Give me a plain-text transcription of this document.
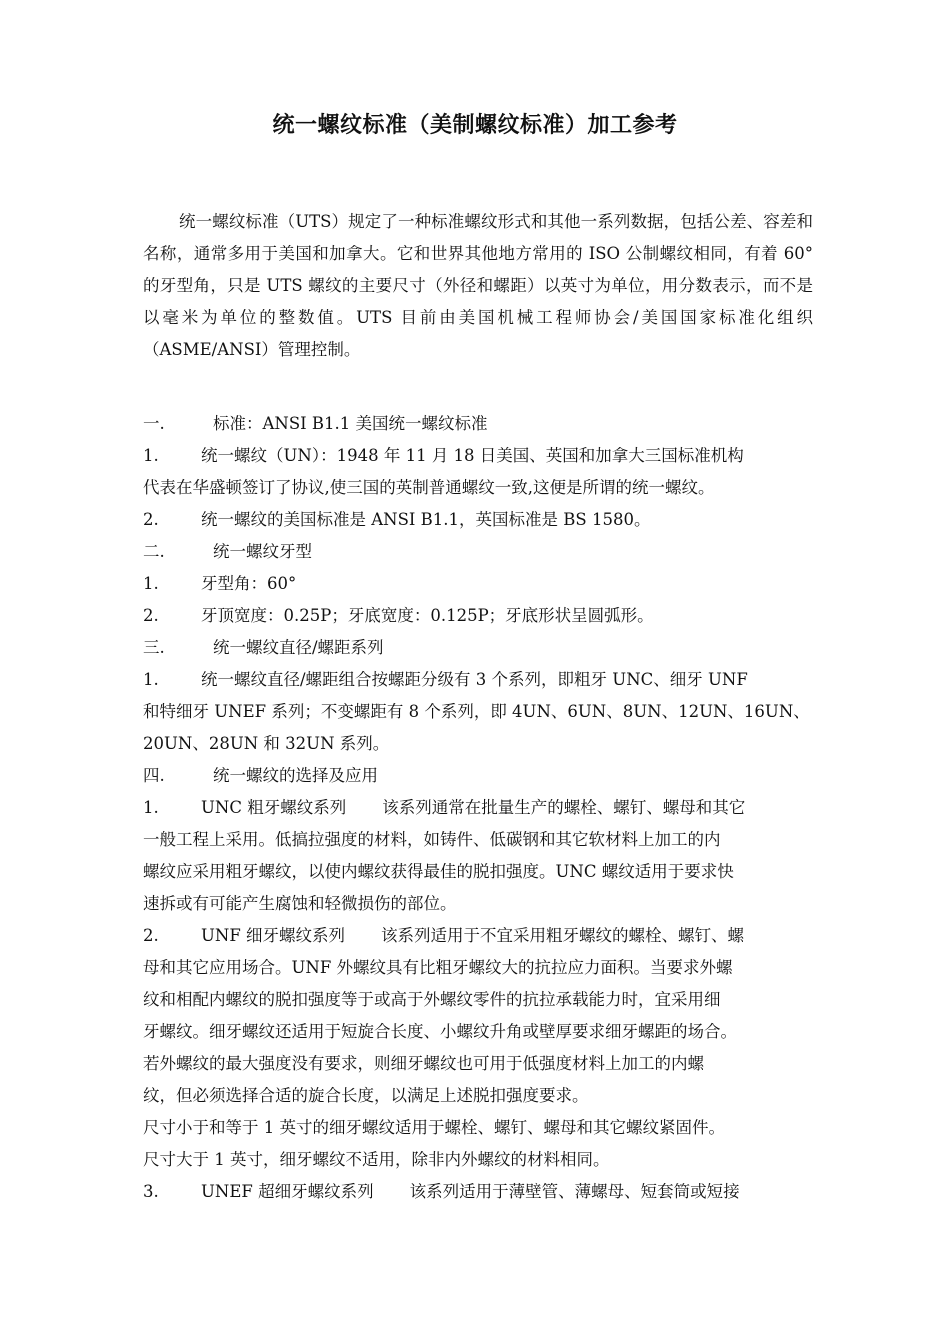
统一螺纹标准（美制螺纹标准）加工参考
统一螺纹标准（UTS）规定了一种标准螺纹形式和其他一系列数据，包括公差、容差和名称，通常多用于美国和加拿大。它和世界其他地方常用的 ISO 公制螺纹相同，有着 60° 的牙型角，只是 UTS 螺纹的主要尺寸（外径和螺距）以英寸为单位，用分数表示，而不是以毫米为单位的整数值。UTS 目前由美国机械工程师协会/美国国家标准化组织（ASME/ANSI）管理控制。
一.	标准：ANSI B1.1 美国统一螺纹标准
1.	统一螺纹（UN）：1948 年 11 月 18 日美国、英国和加拿大三国标准机构
代表在华盛顿签订了协议,使三国的英制普通螺纹一致,这便是所谓的统一螺纹。
2.	统一螺纹的美国标准是 ANSI B1.1，英国标准是 BS 1580。
二.	统一螺纹牙型
1.	牙型角：60°
2.	牙顶宽度：0.25P；牙底宽度：0.125P；牙底形状呈圆弧形。
三.	统一螺纹直径/螺距系列
1.	统一螺纹直径/螺距组合按螺距分级有 3 个系列，即粗牙 UNC、细牙 UNF
和特细牙 UNEF 系列；不变螺距有 8 个系列，即 4UN、6UN、8UN、12UN、16UN、
20UN、28UN 和 32UN 系列。
四.	统一螺纹的选择及应用
1.	UNC 粗牙螺纹系列 该系列通常在批量生产的螺栓、螺钉、螺母和其它
一般工程上采用。低搞拉强度的材料，如铸件、低碳钢和其它软材料上加工的内
螺纹应采用粗牙螺纹，以使内螺纹获得最佳的脱扣强度。UNC 螺纹适用于要求快
速拆或有可能产生腐蚀和轻微损伤的部位。
2.	UNF 细牙螺纹系列 该系列适用于不宜采用粗牙螺纹的螺栓、螺钉、螺
母和其它应用场合。UNF 外螺纹具有比粗牙螺纹大的抗拉应力面积。当要求外螺
纹和相配内螺纹的脱扣强度等于或高于外螺纹零件的抗拉承载能力时，宜采用细
牙螺纹。细牙螺纹还适用于短旋合长度、小螺纹升角或壁厚要求细牙螺距的场合。
若外螺纹的最大强度没有要求，则细牙螺纹也可用于低强度材料上加工的内螺
纹，但必须选择合适的旋合长度，以满足上述脱扣强度要求。
尺寸小于和等于 1 英寸的细牙螺纹适用于螺栓、螺钉、螺母和其它螺纹紧固件。
尺寸大于 1 英寸，细牙螺纹不适用，除非内外螺纹的材料相同。
3.	UNEF 超细牙螺纹系列 该系列适用于薄壁管、薄螺母、短套筒或短接
